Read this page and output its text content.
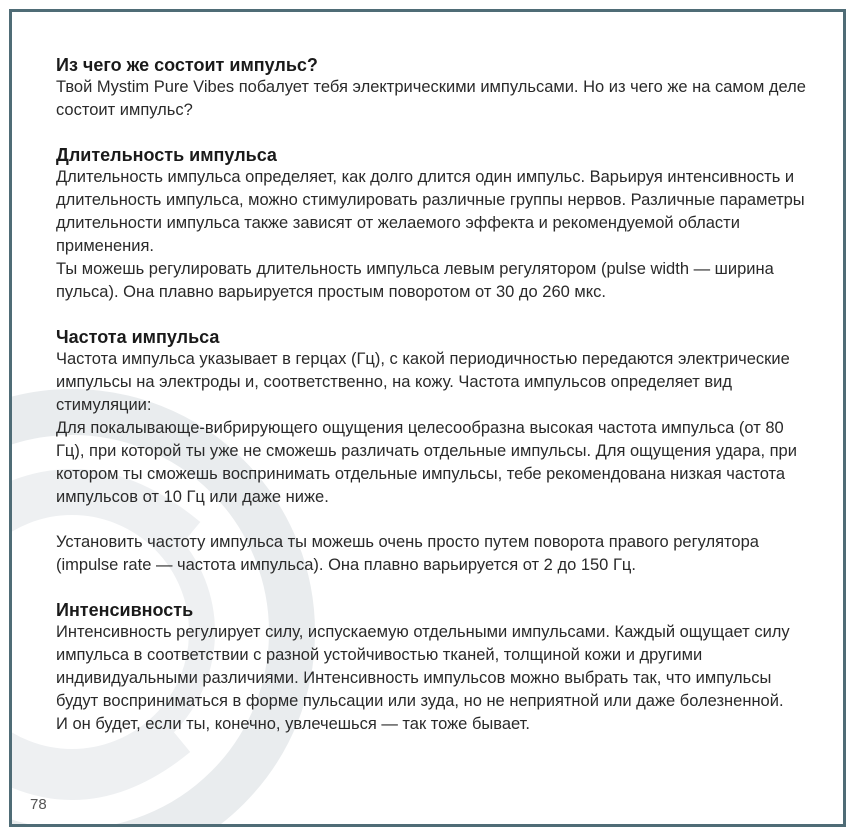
Из чего же состоит импульс?
Твой Mystim Pure Vibes побалует тебя электрическими импульсами. Но из чего же на самом деле состоит импульс?
Длительность импульса
Длительность импульса определяет, как долго длится один импульс. Варьируя интенсивность и длительность импульса, можно стимулировать различные группы нервов. Различные параметры длительности импульса также зависят от желаемого эффекта и рекомендуемой области применения.
Ты можешь регулировать длительность импульса левым регулятором (pulse width — ширина пульса). Она плавно варьируется простым поворотом от 30 до 260 мкс.
Частота импульса
Частота импульса указывает в герцах (Гц), с какой периодичностью передаются электрические импульсы на электроды и, соответственно, на кожу. Частота импульсов определяет вид стимуляции:
Для покалывающе-вибрирующего ощущения целесообразна высокая частота импульса (от 80 Гц), при которой ты уже не сможешь различать отдельные импульсы. Для ощущения удара, при котором ты сможешь воспринимать отдельные импульсы, тебе рекомендована низкая частота импульсов от 10 Гц или даже ниже.
Установить частоту импульса ты можешь очень просто путем поворота правого регулятора (impulse rate — частота импульса). Она плавно варьируется от 2 до 150 Гц.
Интенсивность
Интенсивность регулирует силу, испускаемую отдельными импульсами. Каждый ощущает силу импульса в соответствии с разной устойчивостью тканей, толщиной кожи и другими индивидуальными различиями. Интенсивность импульсов можно выбрать так, что импульсы будут восприниматься в форме пульсации или зуда, но не неприятной или даже болезненной.
И он будет, если ты, конечно, увлечешься — так тоже бывает.
78
